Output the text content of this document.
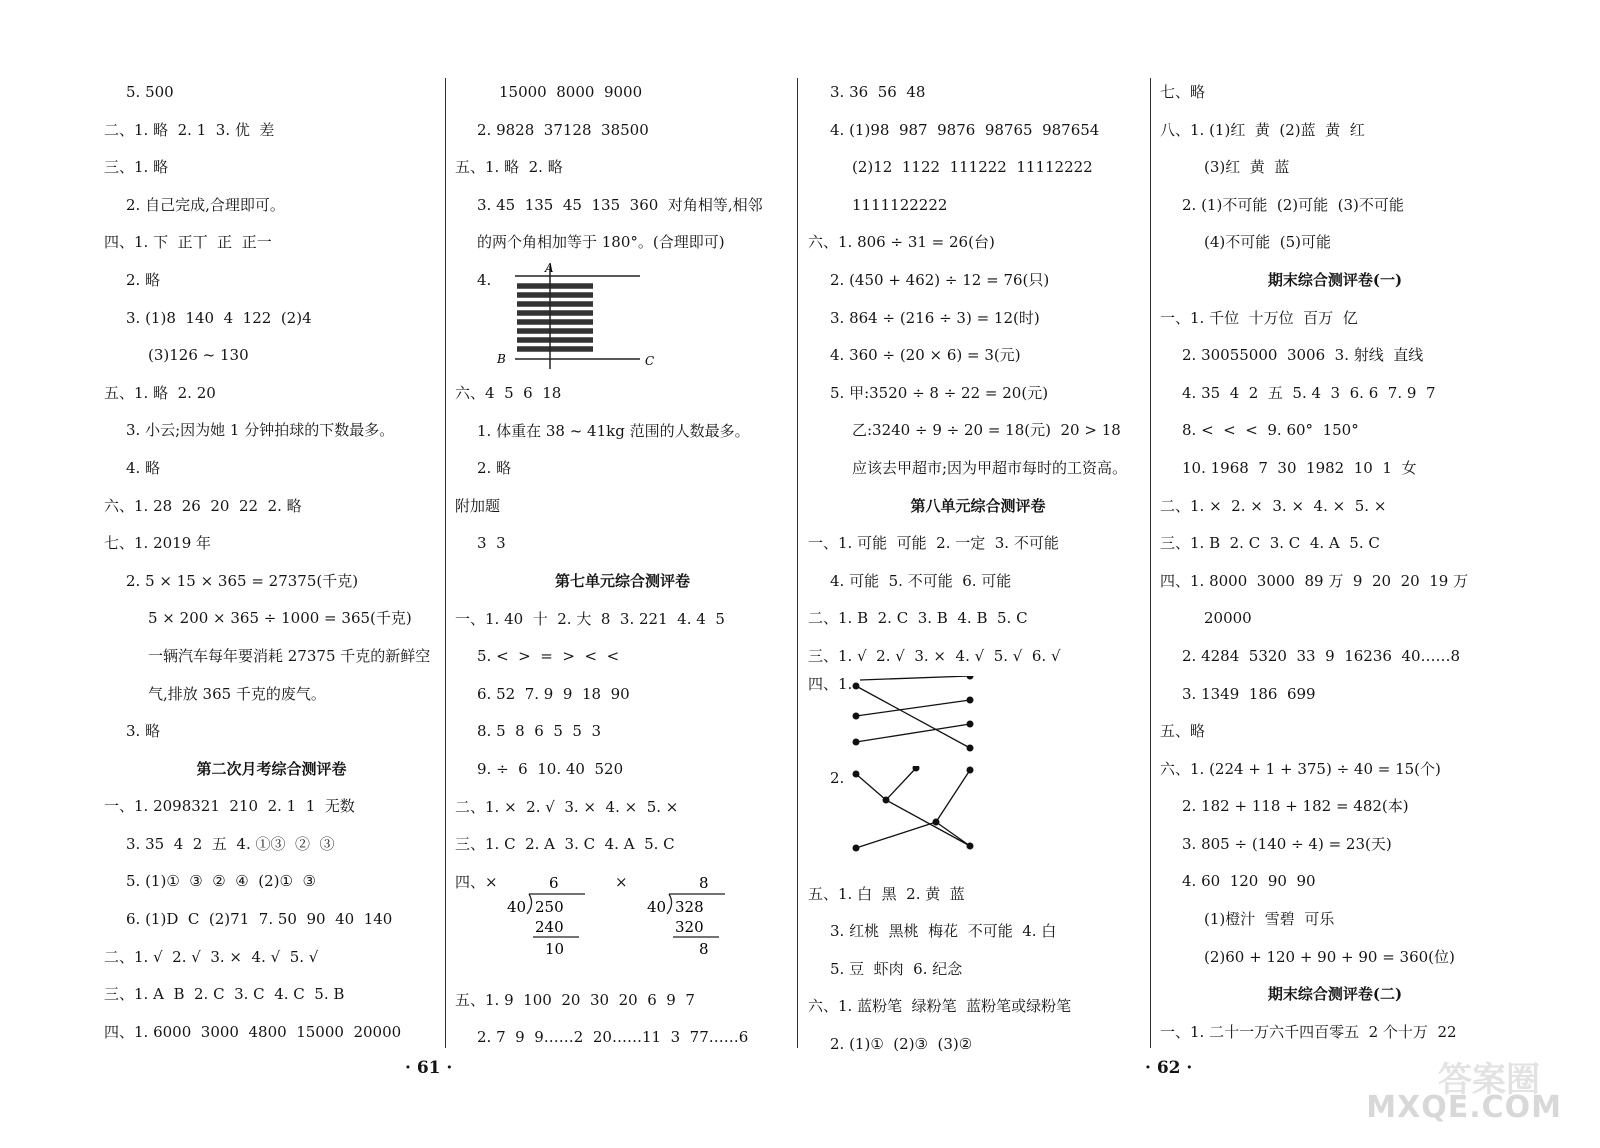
5. 500
二、1. 略  2. 1  3. 优  差
三、1. 略
2. 自己完成,合理即可。
四、1. 下  正丅  正  正一
2. 略
3. (1)8  140  4  122  (2)4
(3)126 ~ 130
五、1. 略  2. 20
3. 小云;因为她 1 分钟拍球的下数最多。
4. 略
六、1. 28  26  20  22  2. 略
七、1. 2019 年
2. 5 × 15 × 365 = 27375(千克)
5 × 200 × 365 ÷ 1000 = 365(千克)
一辆汽车每年要消耗 27375 千克的新鲜空
气,排放 365 千克的废气。
3. 略
第二次月考综合测评卷
一、1. 2098321  210  2. 1  1  无数
3. 35  4  2  五  4. ①③  ②  ③
5. (1)①  ③  ②  ④  (2)①  ③
6. (1)D  C  (2)71  7. 50  90  40  140
二、1. √  2. √  3. ×  4. √  5. √
三、1. A  B  2. C  3. C  4. C  5. B
四、1. 6000  3000  4800  15000  20000
15000  8000  9000
2. 9828  37128  38500
五、1. 略  2. 略
3. 45  135  45  135  360  对角相等,相邻
的两个角相加等于 180°。(合理即可)
4.
A
B	C
六、4  5  6  18
1. 体重在 38 ~ 41kg 范围的人数最多。
2. 略
附加题
3  3
第七单元综合测评卷
一、1. 40  十  2. 大  8  3. 221  4. 4  5
5. <  >  =  >  <  <
6. 52  7. 9  9  18  90
8. 5  8  6  5  5  3
9. ÷  6  10. 40  520
二、1. ×  2. √  3. ×  4. ×  5. ×
三、1. C  2. A  3. C  4. A  5. C
四、×	6
40 250
240
10
×	8
40 328
320
8
五、1. 9  100  20  30  20  6  9  7
2. 7  9  9……2  20……11  3  77……6
3. 36  56  48
4. (1)98  987  9876  98765  987654
(2)12  1122  111222  11112222
1111122222
六、1. 806 ÷ 31 = 26(台)
2. (450 + 462) ÷ 12 = 76(只)
3. 864 ÷ (216 ÷ 3) = 12(时)
4. 360 ÷ (20 × 6) = 3(元)
5. 甲:3520 ÷ 8 ÷ 22 = 20(元)
乙:3240 ÷ 9 ÷ 20 = 18(元)  20 > 18
应该去甲超市;因为甲超市每时的工资高。
第八单元综合测评卷
一、1. 可能  可能  2. 一定  3. 不可能
4. 可能  5. 不可能  6. 可能
二、1. B  2. C  3. B  4. B  5. C
三、1. √  2. √  3. ×  4. √  5. √  6. √
四、1.
2.
五、1. 白  黑  2. 黄  蓝
3. 红桃  黑桃  梅花  不可能  4. 白
5. 豆  虾肉  6. 纪念
六、1. 蓝粉笔  绿粉笔  蓝粉笔或绿粉笔
2. (1)①  (2)③  (3)②
七、略
八、1. (1)红  黄  (2)蓝  黄  红
(3)红  黄  蓝
2. (1)不可能  (2)可能  (3)不可能
(4)不可能  (5)可能
期末综合测评卷(一)
一、1. 千位  十万位  百万  亿
2. 30055000  3006  3. 射线  直线
4. 35  4  2  五  5. 4  3  6. 6  7. 9  7
8. <  <  <  9. 60°  150°
10. 1968  7  30  1982  10  1  女
二、1. ×  2. ×  3. ×  4. ×  5. ×
三、1. B  2. C  3. C  4. A  5. C
四、1. 8000  3000  89 万  9  20  20  19 万
20000
2. 4284  5320  33  9  16236  40……8
3. 1349  186  699
五、略
六、1. (224 + 1 + 375) ÷ 40 = 15(个)
2. 182 + 118 + 182 = 482(本)
3. 805 ÷ (140 ÷ 4) = 23(天)
4. 60  120  90  90
(1)橙汁  雪碧  可乐
(2)60 + 120 + 90 + 90 = 360(位)
期末综合测评卷(二)
一、1. 二十一万六千四百零五  2 个十万  22
· 61 ·	· 62 ·	答案圈
MXQE.COM
